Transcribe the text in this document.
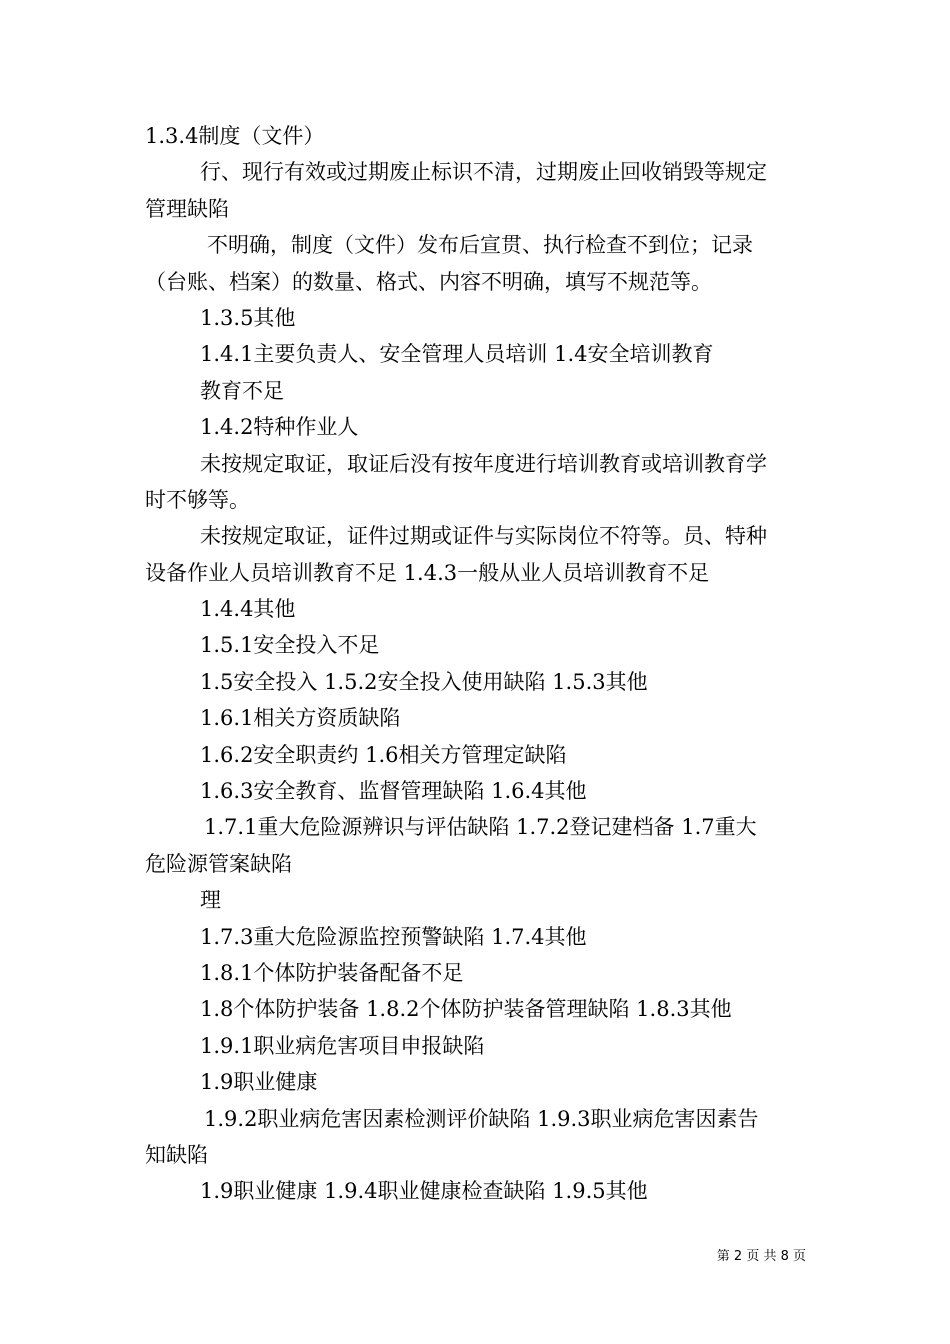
1.3.4制度（文件）
行、现行有效或过期废止标识不清，过期废止回收销毁等规定
管理缺陷
不明确，制度（文件）发布后宣贯、执行检查不到位；记录
（台账、档案）的数量、格式、内容不明确，填写不规范等。
1.3.5其他
1.4.1主要负责人、安全管理人员培训 1.4安全培训教育
教育不足
1.4.2特种作业人
未按规定取证，取证后没有按年度进行培训教育或培训教育学
时不够等。
未按规定取证，证件过期或证件与实际岗位不符等。员、特种
设备作业人员培训教育不足 1.4.3一般从业人员培训教育不足
1.4.4其他
1.5.1安全投入不足
1.5安全投入 1.5.2安全投入使用缺陷 1.5.3其他
1.6.1相关方资质缺陷
1.6.2安全职责约 1.6相关方管理定缺陷
1.6.3安全教育、监督管理缺陷 1.6.4其他
1.7.1重大危险源辨识与评估缺陷 1.7.2登记建档备 1.7重大
危险源管案缺陷
理
1.7.3重大危险源监控预警缺陷 1.7.4其他
1.8.1个体防护装备配备不足
1.8个体防护装备 1.8.2个体防护装备管理缺陷 1.8.3其他
1.9.1职业病危害项目申报缺陷
1.9职业健康
1.9.2职业病危害因素检测评价缺陷 1.9.3职业病危害因素告
知缺陷
1.9职业健康 1.9.4职业健康检查缺陷 1.9.5其他
第 2 页 共 8 页
